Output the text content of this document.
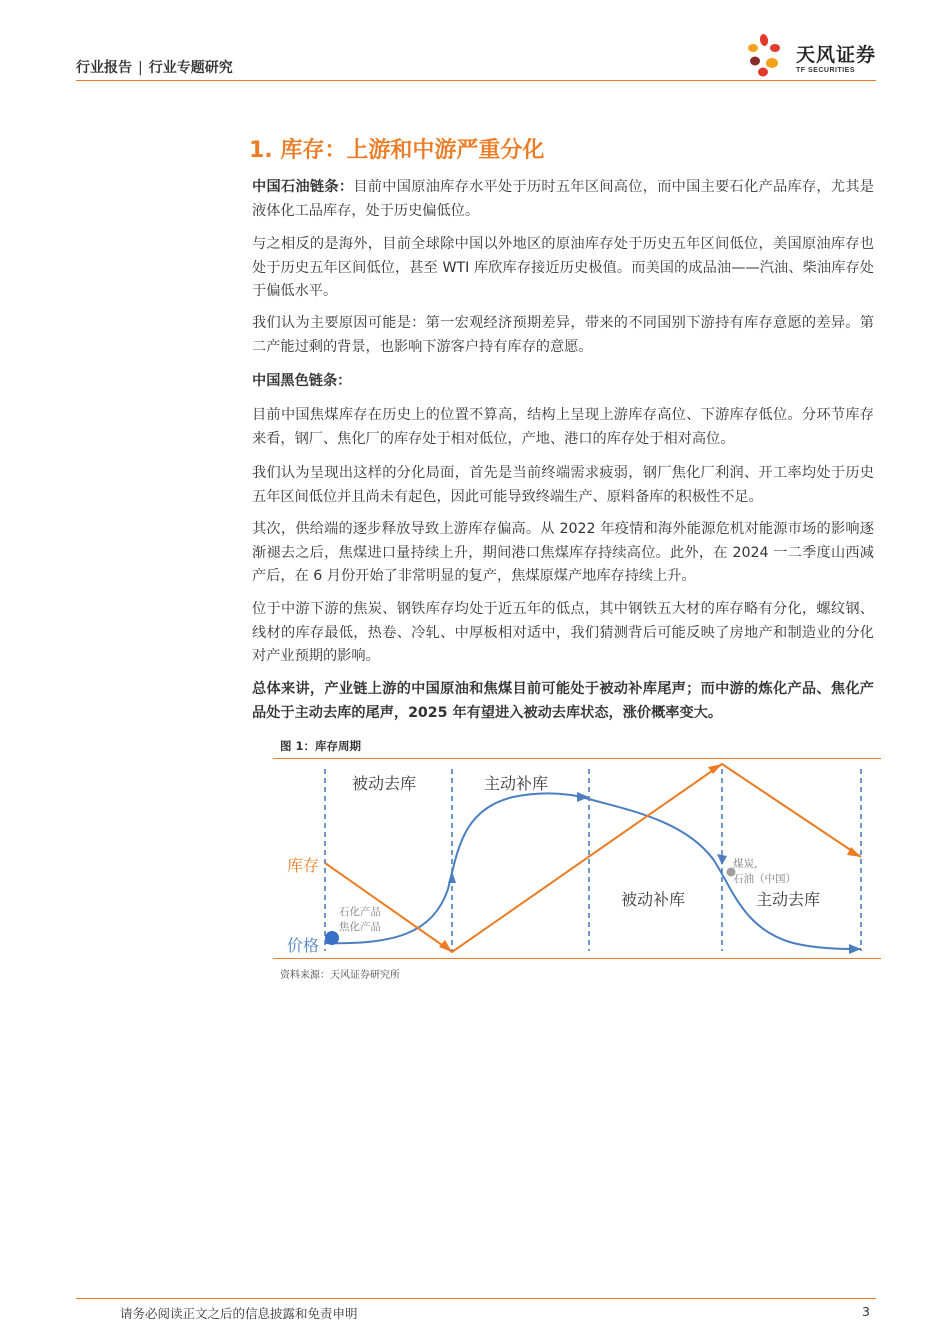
行业报告 | 行业专题研究
天风证券
TF SECURITIES
1. 库存：上游和中游严重分化

中国石油链条：目前中国原油库存水平处于历时五年区间高位，而中国主要石化产品库存，尤其是液体化工品库存，处于历史偏低位。

与之相反的是海外，目前全球除中国以外地区的原油库存处于历史五年区间低位，美国原油库存也处于历史五年区间低位，甚至 WTI 库欣库存接近历史极值。而美国的成品油——汽油、柴油库存处于偏低水平。

我们认为主要原因可能是：第一宏观经济预期差异，带来的不同国别下游持有库存意愿的差异。第二产能过剩的背景，也影响下游客户持有库存的意愿。

中国黑色链条：

目前中国焦煤库存在历史上的位置不算高，结构上呈现上游库存高位、下游库存低位。分环节库存来看，钢厂、焦化厂的库存处于相对低位，产地、港口的库存处于相对高位。

我们认为呈现出这样的分化局面，首先是当前终端需求疲弱，钢厂焦化厂利润、开工率均处于历史五年区间低位并且尚未有起色，因此可能导致终端生产、原料备库的积极性不足。

其次，供给端的逐步释放导致上游库存偏高。从 2022 年疫情和海外能源危机对能源市场的影响逐渐褪去之后，焦煤进口量持续上升，期间港口焦煤库存持续高位。此外，在 2024 一二季度山西减产后，在 6 月份开始了非常明显的复产，焦煤原煤产地库存持续上升。

位于中游下游的焦炭、钢铁库存均处于近五年的低点，其中钢铁五大材的库存略有分化，螺纹钢、线材的库存最低，热卷、冷轧、中厚板相对适中，我们猜测背后可能反映了房地产和制造业的分化对产业预期的影响。

总体来讲，产业链上游的中国原油和焦煤目前可能处于被动补库尾声；而中游的炼化产品、焦化产品处于主动去库的尾声，2025 年有望进入被动去库状态，涨价概率变大。

图 1：库存周期
库存
价格
被动去库	主动补库
被动补库	主动去库
石化产品
焦化产品
煤炭，
石油（中国）
资料来源：天风证券研究所
请务必阅读正文之后的信息披露和免责申明	3
